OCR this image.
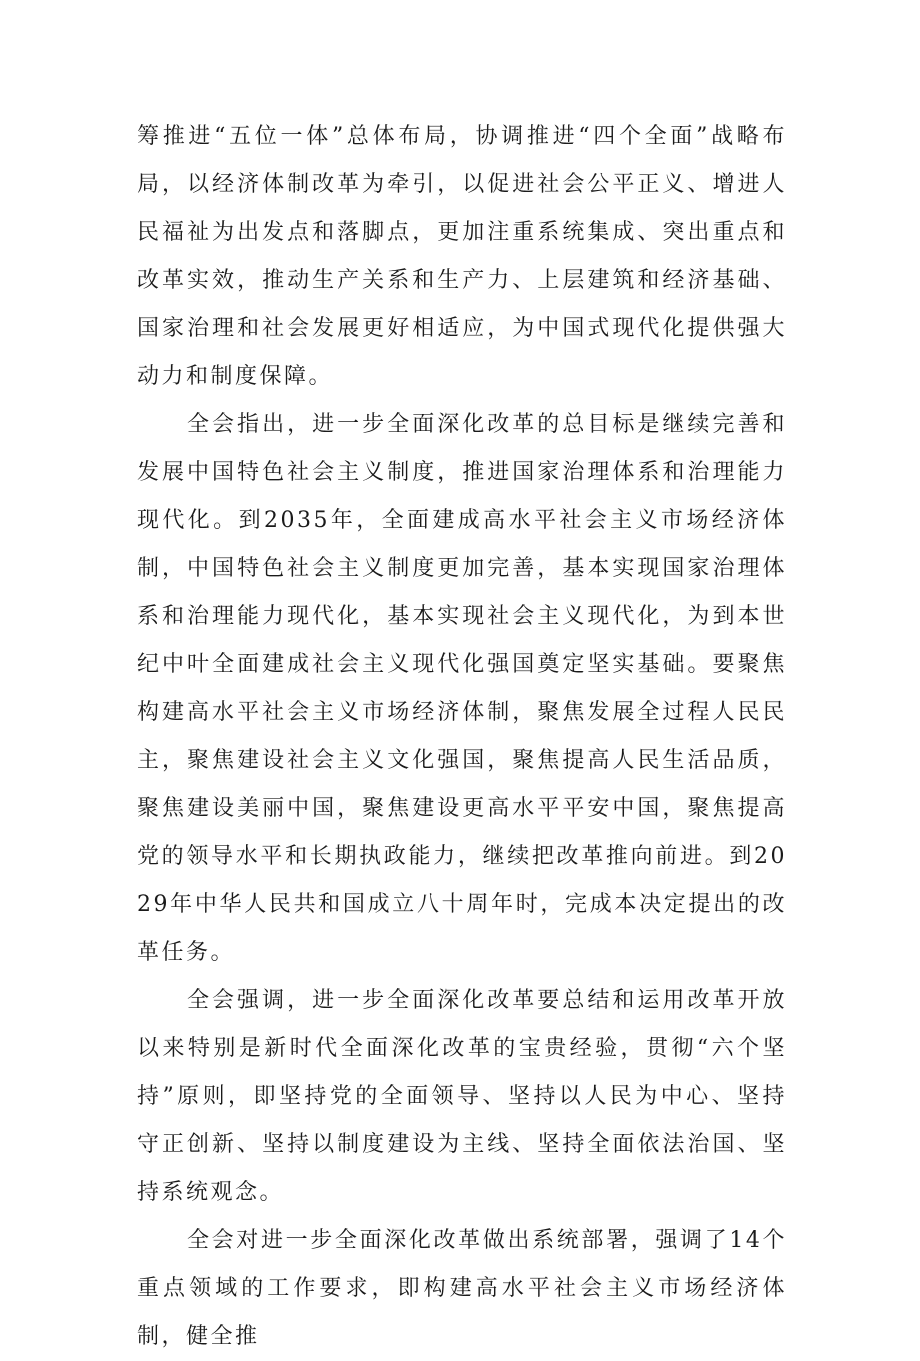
筹推进“五位一体”总体布局，协调推进“四个全面”战略布局，以经济体制改革为牵引，以促进社会公平正义、增进人民福祉为出发点和落脚点，更加注重系统集成、突出重点和改革实效，推动生产关系和生产力、上层建筑和经济基础、国家治理和社会发展更好相适应，为中国式现代化提供强大动力和制度保障。

全会指出，进一步全面深化改革的总目标是继续完善和发展中国特色社会主义制度，推进国家治理体系和治理能力现代化。到2035年，全面建成高水平社会主义市场经济体制，中国特色社会主义制度更加完善，基本实现国家治理体系和治理能力现代化，基本实现社会主义现代化，为到本世纪中叶全面建成社会主义现代化强国奠定坚实基础。要聚焦构建高水平社会主义市场经济体制，聚焦发展全过程人民民主，聚焦建设社会主义文化强国，聚焦提高人民生活品质，聚焦建设美丽中国，聚焦建设更高水平平安中国，聚焦提高党的领导水平和长期执政能力，继续把改革推向前进。到2029年中华人民共和国成立八十周年时，完成本决定提出的改革任务。

全会强调，进一步全面深化改革要总结和运用改革开放以来特别是新时代全面深化改革的宝贵经验，贯彻“六个坚持”原则，即坚持党的全面领导、坚持以人民为中心、坚持守正创新、坚持以制度建设为主线、坚持全面依法治国、坚持系统观念。

全会对进一步全面深化改革做出系统部署，强调了14个重点领域的工作要求，即构建高水平社会主义市场经济体制，健全推
